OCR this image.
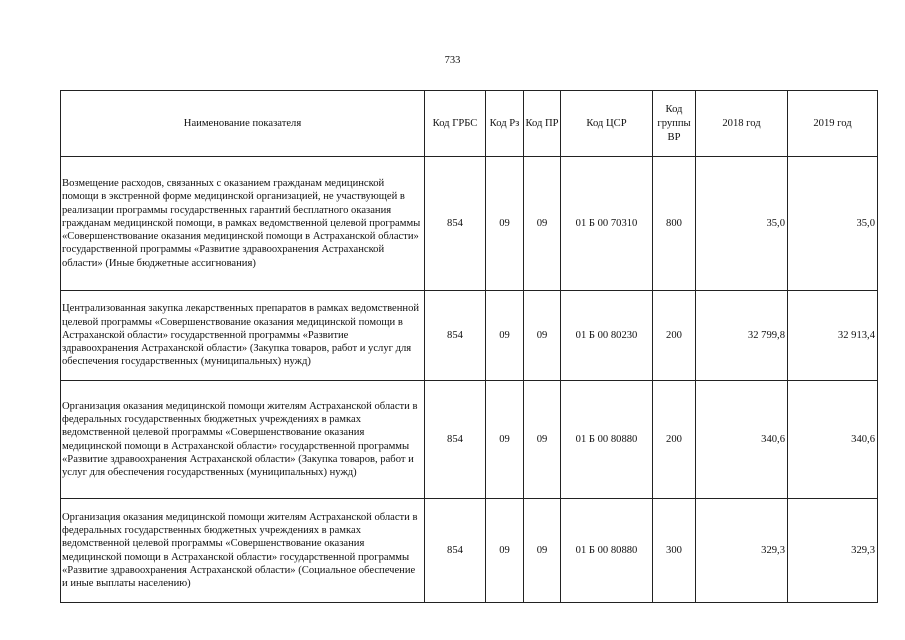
733
Наименование показателя	Код ГРБС	Код Рз	Код ПР	Код ЦСР	Код группы ВР	2018 год	2019 год
Возмещение расходов, связанных с оказанием гражданам медицинской помощи в экстренной форме медицинской организацией, не участвующей в реализации программы государственных гарантий бесплатного оказания гражданам медицинской помощи, в рамках ведомственной целевой программы «Совершенствование оказания медицинской помощи в Астраханской области» государственной программы «Развитие здравоохранения Астраханской области» (Иные бюджетные ассигнования)	854	09	09	01 Б 00 70310	800	35,0	35,0
Централизованная закупка лекарственных препаратов в рамках ведомственной целевой программы «Совершенствование оказания медицинской помощи в Астраханской области» государственной программы «Развитие здравоохранения Астраханской области» (Закупка товаров, работ и услуг для обеспечения государственных (муниципальных) нужд)	854	09	09	01 Б 00 80230	200	32 799,8	32 913,4
Организация оказания медицинской помощи жителям Астраханской области в федеральных государственных бюджетных учреждениях в рамках ведомственной целевой программы «Совершенствование оказания медицинской помощи в Астраханской области» государственной программы «Развитие здравоохранения Астраханской области» (Закупка товаров, работ и услуг для обеспечения государственных (муниципальных) нужд)	854	09	09	01 Б 00 80880	200	340,6	340,6
Организация оказания медицинской помощи жителям Астраханской области в федеральных государственных бюджетных учреждениях в рамках ведомственной целевой программы «Совершенствование оказания медицинской помощи в Астраханской области» государственной программы «Развитие здравоохранения Астраханской области» (Социальное обеспечение и иные выплаты населению)	854	09	09	01 Б 00 80880	300	329,3	329,3
